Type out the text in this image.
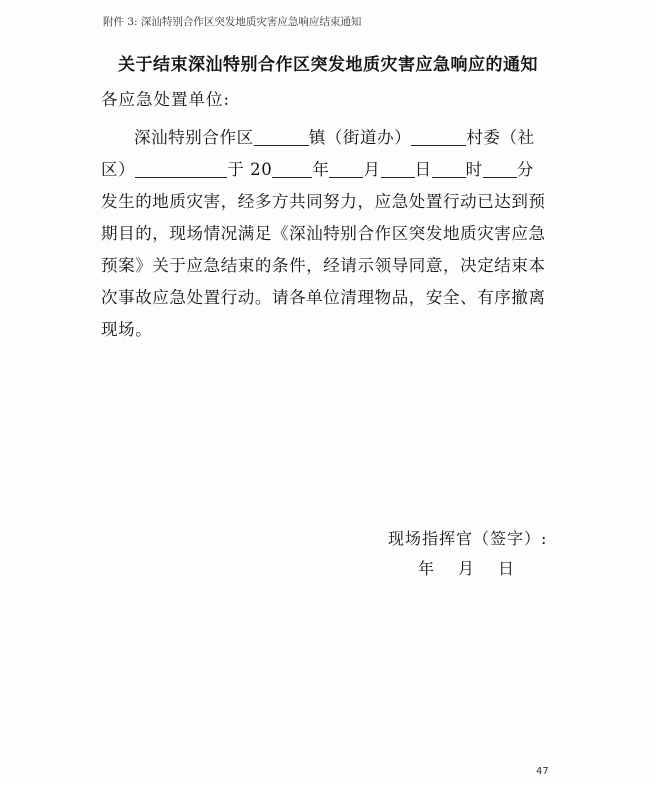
附件 3: 深汕特别合作区突发地质灾害应急响应结束通知
关于结束深汕特别合作区突发地质灾害应急响应的通知
各应急处置单位:
深汕特别合作区	镇（街道办）	村委（社
区）	于 20 年 月 日 时 分
发生的地质灾害，经多方共同努力，应急处置行动已达到预
期目的，现场情况满足《深汕特别合作区突发地质灾害应急
预案》关于应急结束的条件，经请示领导同意，决定结束本
次事故应急处置行动。请各单位清理物品，安全、有序撤离
现场。
现场指挥官（签字）:
年 月 日
47
